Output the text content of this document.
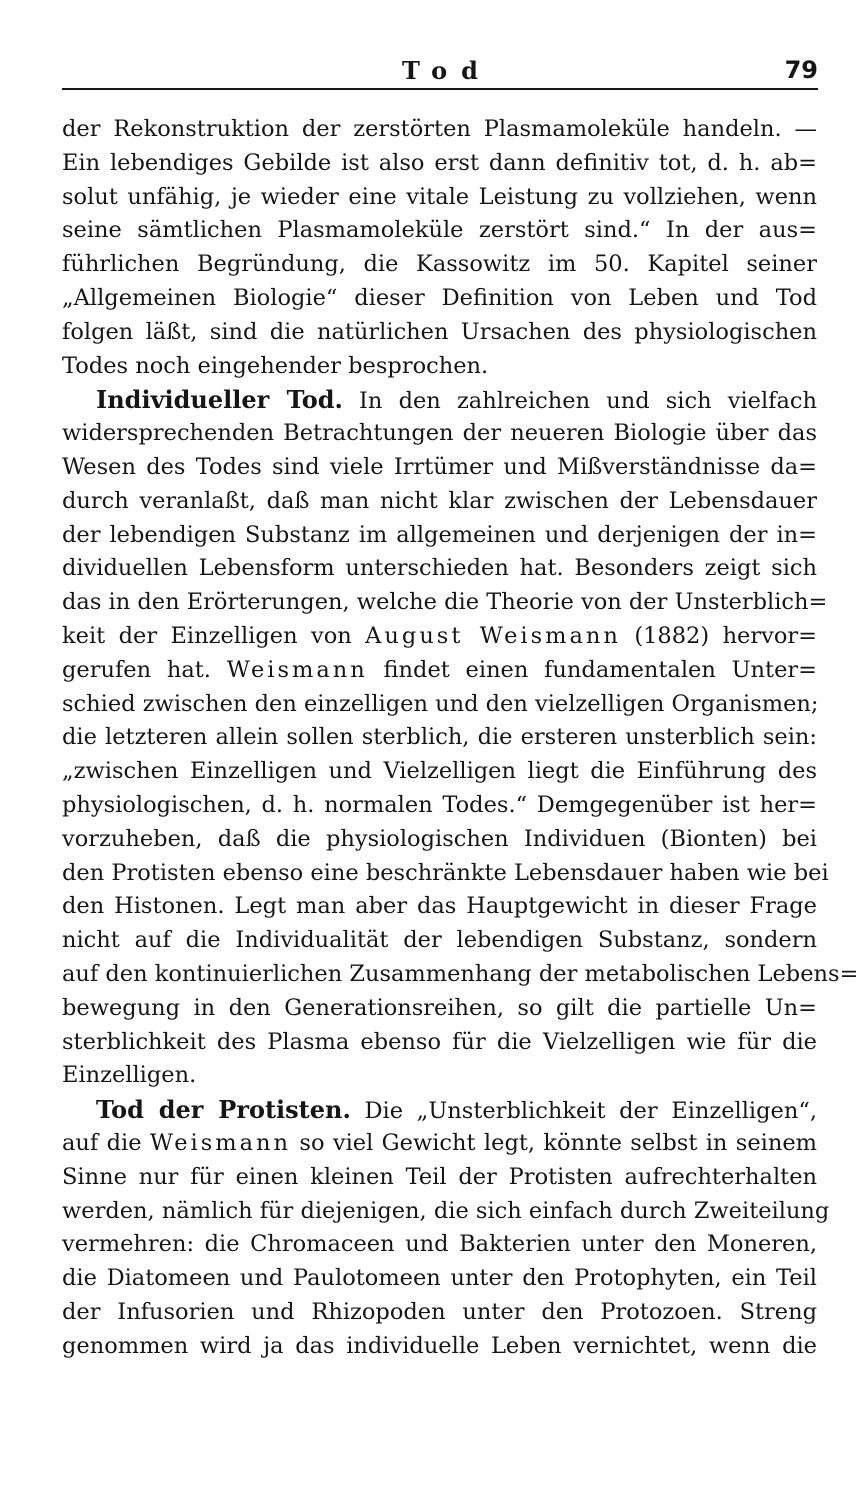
Tod	79
der Rekonstruktion der zerstörten Plasmamoleküle handeln. —
Ein lebendiges Gebilde ist also erst dann definitiv tot, d. h. ab=
solut unfähig, je wieder eine vitale Leistung zu vollziehen, wenn
seine sämtlichen Plasmamoleküle zerstört sind.“ In der aus=
führlichen Begründung, die Kassowitz im 50. Kapitel seiner
„Allgemeinen Biologie“ dieser Definition von Leben und Tod
folgen läßt, sind die natürlichen Ursachen des physiologischen
Todes noch eingehender besprochen.
Individueller Tod. In den zahlreichen und sich vielfach
widersprechenden Betrachtungen der neueren Biologie über das
Wesen des Todes sind viele Irrtümer und Mißverständnisse da=
durch veranlaßt, daß man nicht klar zwischen der Lebensdauer
der lebendigen Substanz im allgemeinen und derjenigen der in=
dividuellen Lebensform unterschieden hat. Besonders zeigt sich
das in den Erörterungen, welche die Theorie von der Unsterblich=
keit der Einzelligen von August Weismann (1882) hervor=
gerufen hat. Weismann findet einen fundamentalen Unter=
schied zwischen den einzelligen und den vielzelligen Organismen;
die letzteren allein sollen sterblich, die ersteren unsterblich sein:
„zwischen Einzelligen und Vielzelligen liegt die Einführung des
physiologischen, d. h. normalen Todes.“ Demgegenüber ist her=
vorzuheben, daß die physiologischen Individuen (Bionten) bei
den Protisten ebenso eine beschränkte Lebensdauer haben wie bei
den Histonen. Legt man aber das Hauptgewicht in dieser Frage
nicht auf die Individualität der lebendigen Substanz, sondern
auf den kontinuierlichen Zusammenhang der metabolischen Lebens=
bewegung in den Generationsreihen, so gilt die partielle Un=
sterblichkeit des Plasma ebenso für die Vielzelligen wie für die
Einzelligen.
Tod der Protisten. Die „Unsterblichkeit der Einzelligen“,
auf die Weismann so viel Gewicht legt, könnte selbst in seinem
Sinne nur für einen kleinen Teil der Protisten aufrechterhalten
werden, nämlich für diejenigen, die sich einfach durch Zweiteilung
vermehren: die Chromaceen und Bakterien unter den Moneren,
die Diatomeen und Paulotomeen unter den Protophyten, ein Teil
der Infusorien und Rhizopoden unter den Protozoen. Streng
genommen wird ja das individuelle Leben vernichtet, wenn die
